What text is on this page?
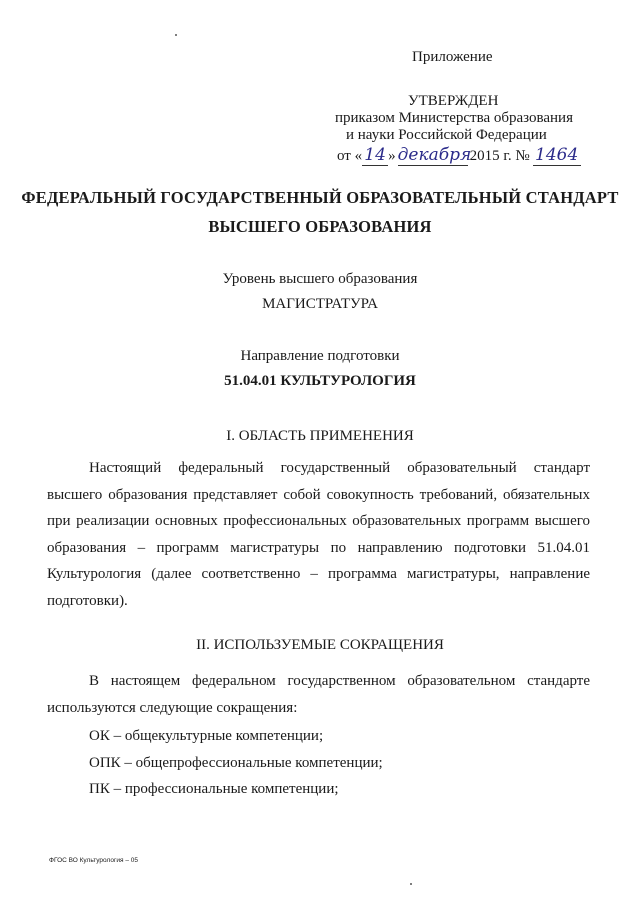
Приложение
УТВЕРЖДЕН
приказом Министерства образования
и науки Российской Федерации
от « 14 » декабря2015 г. № 1464
ФЕДЕРАЛЬНЫЙ ГОСУДАРСТВЕННЫЙ ОБРАЗОВАТЕЛЬНЫЙ СТАНДАРТ
ВЫСШЕГО ОБРАЗОВАНИЯ
Уровень высшего образования
МАГИСТРАТУРА
Направление подготовки
51.04.01 КУЛЬТУРОЛОГИЯ
I. ОБЛАСТЬ ПРИМЕНЕНИЯ
Настоящий федеральный государственный образовательный стандарт высшего образования представляет собой совокупность требований, обязательных при реализации основных профессиональных образовательных программ высшего образования – программ магистратуры по направлению подготовки 51.04.01 Культурология (далее соответственно – программа магистратуры, направление подготовки).
II. ИСПОЛЬЗУЕМЫЕ СОКРАЩЕНИЯ
В настоящем федеральном государственном образовательном стандарте используются следующие сокращения:
ОК – общекультурные компетенции;
ОПК – общепрофессиональные компетенции;
ПК – профессиональные компетенции;
ФГОС ВО Культурология – 05
